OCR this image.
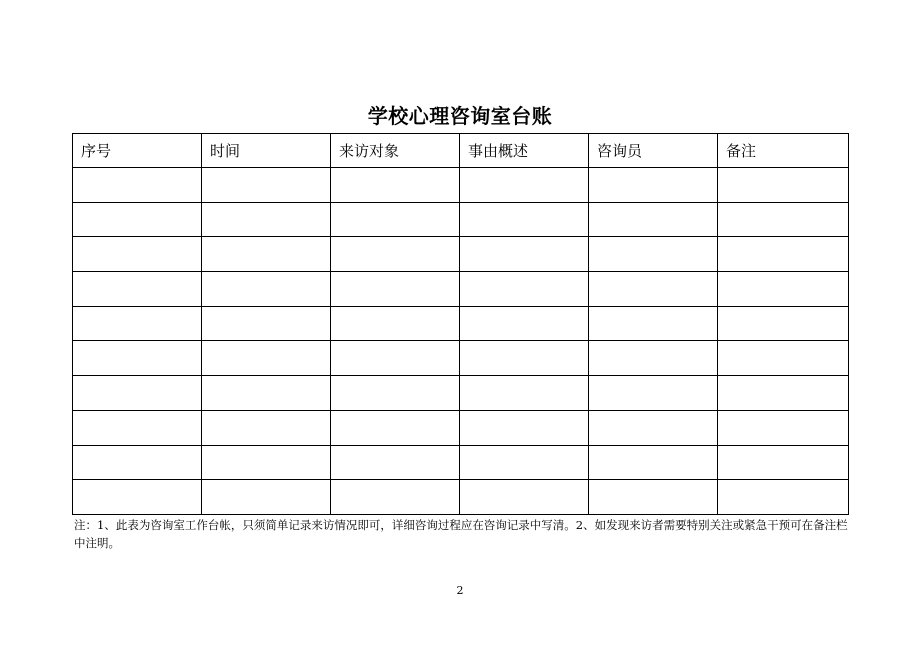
学校心理咨询室台账
序号	时间	来访对象	事由概述	咨询员	备注

注：1、此表为咨询室工作台帐，只须简单记录来访情况即可，详细咨询过程应在咨询记录中写清。2、如发现来访者需要特别关注或紧急干预可在备注栏中注明。
2
